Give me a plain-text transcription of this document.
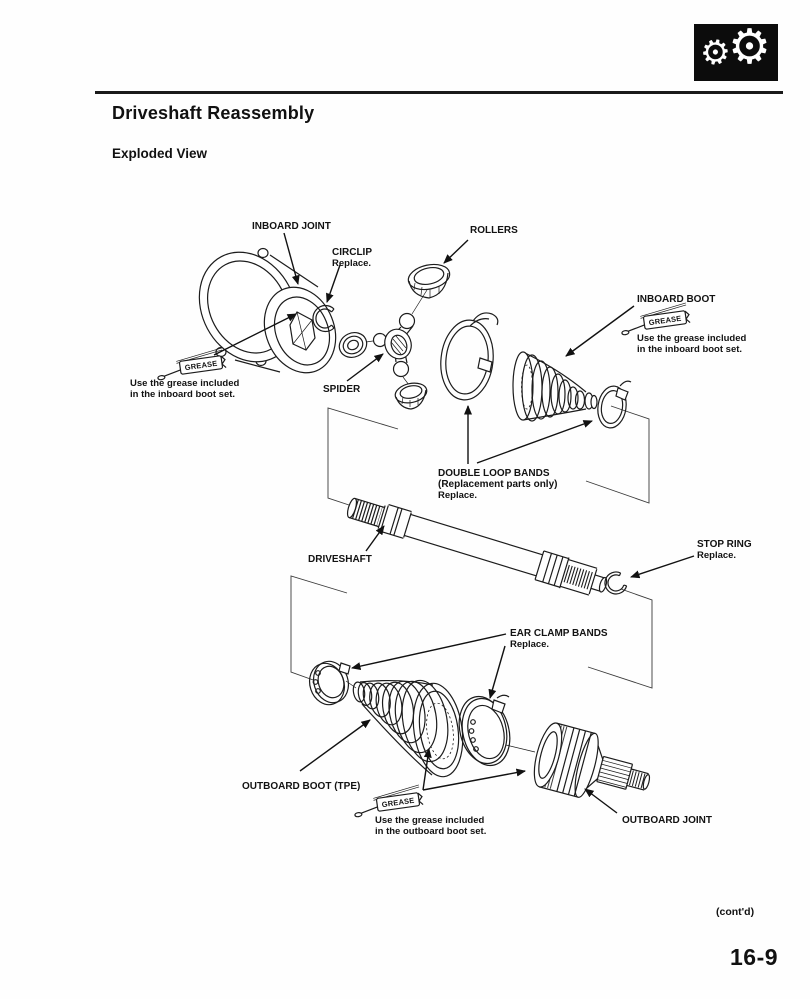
⚙
⚙
Driveshaft Reassembly
Exploded View
GREASE
GREASE
GREASE
INBOARD JOINT
CIRCLIP
Replace.
ROLLERS
SPIDER
INBOARD BOOT
Use the grease included
in the inboard boot set.
Use the grease included
in the inboard boot set.
DOUBLE LOOP BANDS
(Replacement parts only)
Replace.
DRIVESHAFT
STOP RING
Replace.
EAR CLAMP BANDS
Replace.
OUTBOARD BOOT (TPE)
Use the grease included
in the outboard boot set.
OUTBOARD JOINT
(cont'd)
16-9
